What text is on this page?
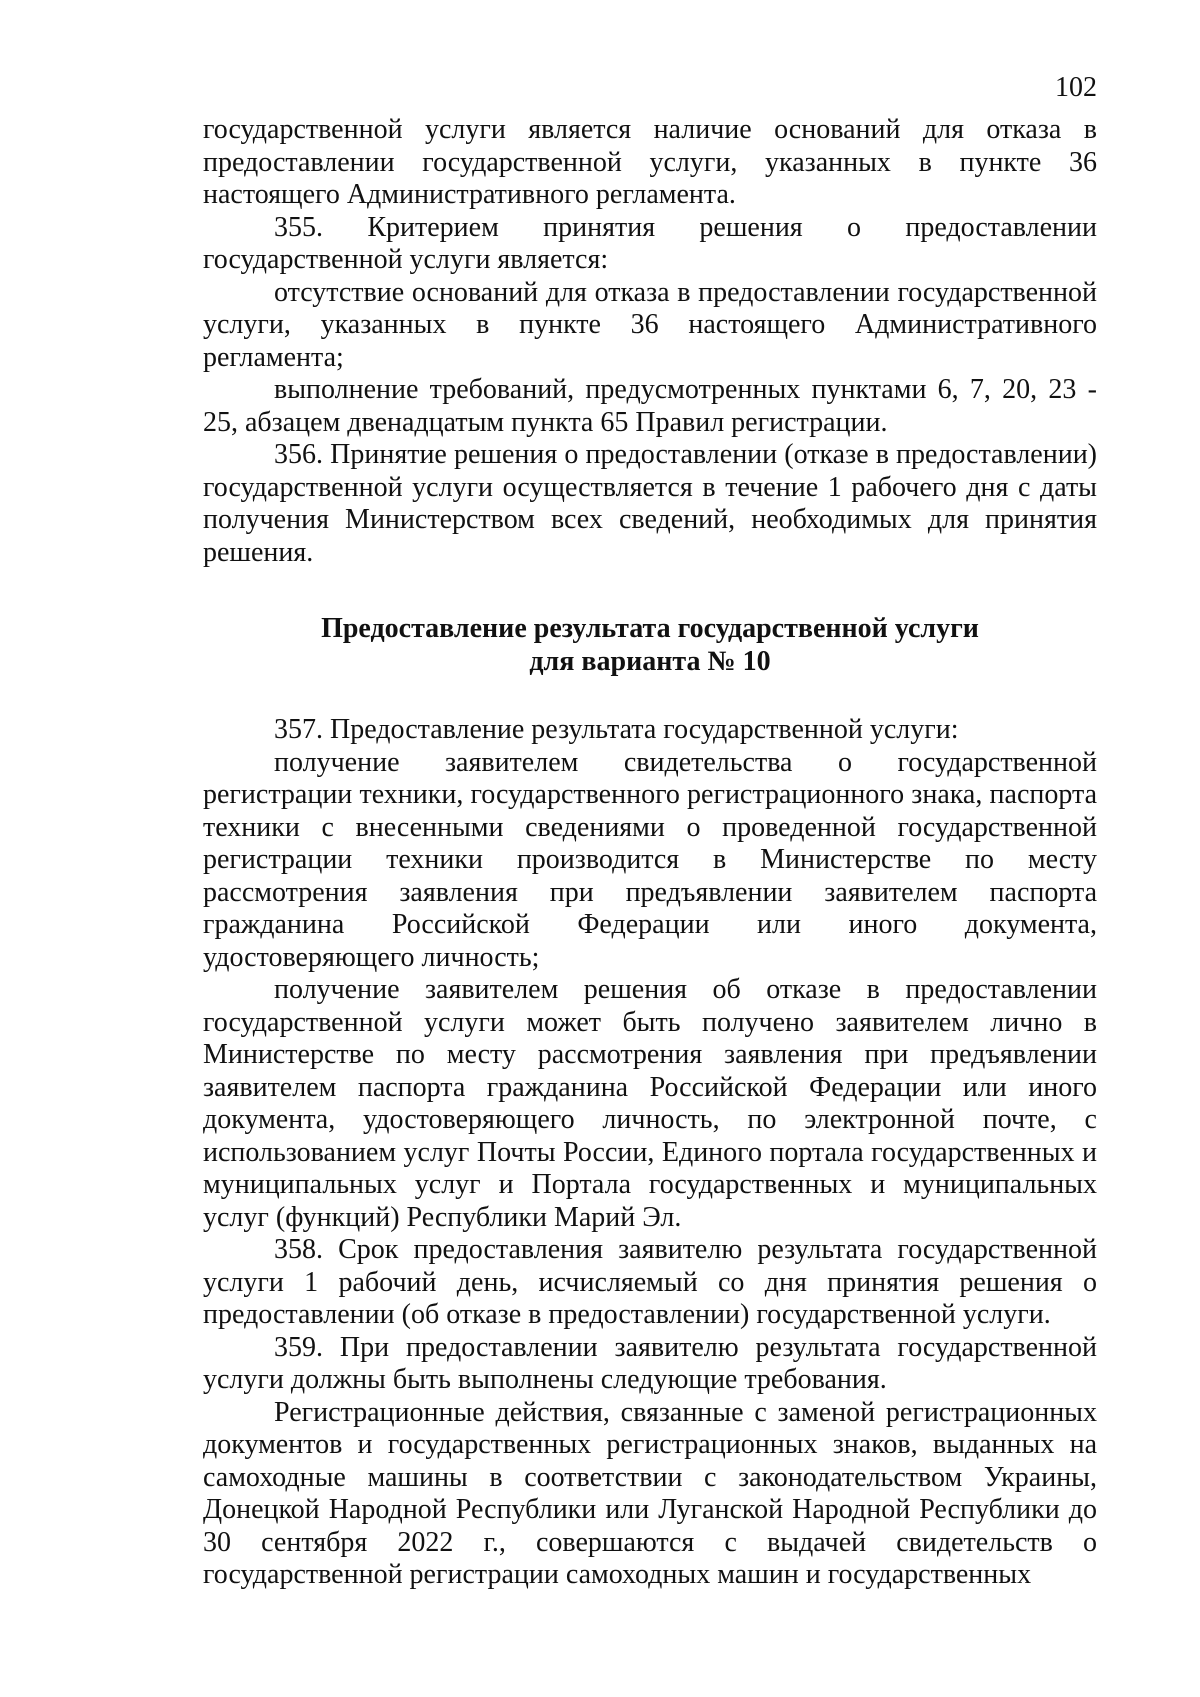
102

государственной услуги является наличие оснований для отказа в предоставлении государственной услуги, указанных в пункте 36 настоящего Административного регламента.

355. Критерием принятия решения о предоставлении государственной услуги является:

отсутствие оснований для отказа в предоставлении государственной услуги, указанных в пункте 36 настоящего Административного регламента;

выполнение требований, предусмотренных пунктами 6, 7, 20, 23 - 25, абзацем двенадцатым пункта 65 Правил регистрации.

356. Принятие решения о предоставлении (отказе в предоставлении) государственной услуги осуществляется в течение 1 рабочего дня с даты получения Министерством всех сведений, необходимых для принятия решения.

Предоставление результата государственной услуги

для варианта № 10

357. Предоставление результата государственной услуги:

получение заявителем свидетельства о государственной регистрации техники, государственного регистрационного знака, паспорта техники с внесенными сведениями о проведенной государственной регистрации техники производится в Министерстве по месту рассмотрения заявления при предъявлении заявителем паспорта гражданина Российской Федерации или иного документа, удостоверяющего личность;

получение заявителем решения об отказе в предоставлении государственной услуги может быть получено заявителем лично в Министерстве по месту рассмотрения заявления при предъявлении заявителем паспорта гражданина Российской Федерации или иного документа, удостоверяющего личность, по электронной почте, с использованием услуг Почты России, Единого портала государственных и муниципальных услуг и Портала государственных и муниципальных услуг (функций) Республики Марий Эл.

358. Срок предоставления заявителю результата государственной услуги 1 рабочий день, исчисляемый со дня принятия решения о предоставлении (об отказе в предоставлении) государственной услуги.

359. При предоставлении заявителю результата государственной услуги должны быть выполнены следующие требования.

Регистрационные действия, связанные с заменой регистрационных документов и государственных регистрационных знаков, выданных на самоходные машины в соответствии с законодательством Украины, Донецкой Народной Республики или Луганской Народной Республики до 30 сентября 2022 г., совершаются с выдачей свидетельств о государственной регистрации самоходных машин и государственных
